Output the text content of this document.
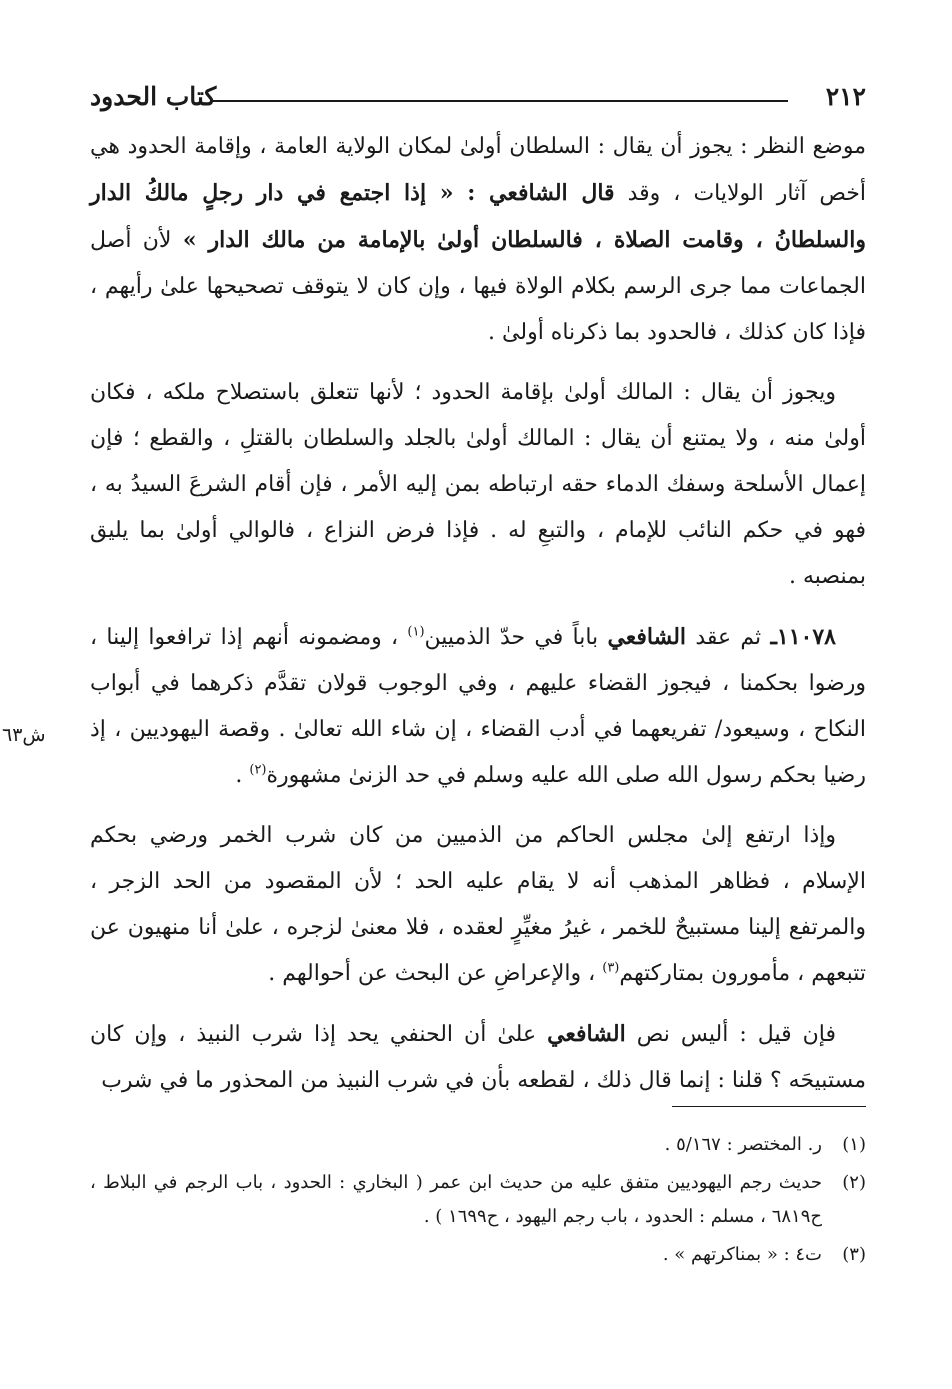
٢١٢
كتاب الحدود
ش٦٣

موضع النظر : يجوز أن يقال : السلطان أولىٰ لمكان الولاية العامة ، وإقامة الحدود هي أخص آثار الولايات ، وقد قال الشافعي : « إذا اجتمع في دار رجلٍ مالكُ الدار والسلطانُ ، وقامت الصلاة ، فالسلطان أولىٰ بالإمامة من مالك الدار » لأن أصل الجماعات مما جرى الرسم بكلام الولاة فيها ، وإن كان لا يتوقف تصحيحها علىٰ رأيهم ، فإذا كان كذلك ، فالحدود بما ذكرناه أولىٰ .

ويجوز أن يقال : المالك أولىٰ بإقامة الحدود ؛ لأنها تتعلق باستصلاح ملكه ، فكان أولىٰ منه ، ولا يمتنع أن يقال : المالك أولىٰ بالجلد والسلطان بالقتلِ ، والقطع ؛ فإن إعمال الأسلحة وسفك الدماء حقه ارتباطه بمن إليه الأمر ، فإن أقام الشرعَ السيدُ به ، فهو في حكم النائب للإمام ، والتبعِ له . فإذا فرض النزاع ، فالوالي أولىٰ بما يليق بمنصبه .

١١٠٧٨ـ ثم عقد الشافعي باباً في حدّ الذميين$^{(١)}$ ، ومضمونه أنهم إذا ترافعوا إلينا ، ورضوا بحكمنا ، فيجوز القضاء عليهم ، وفي الوجوب قولان تقدَّم ذكرهما في أبواب النكاح ، وسيعود/ تفريعهما في أدب القضاء ، إن شاء الله تعالىٰ . وقصة اليهوديين ، إذ رضيا بحكم رسول الله صلى الله عليه وسلم في حد الزنىٰ مشهورة$^{(٢)}$ .

وإذا ارتفع إلىٰ مجلس الحاكم من الذميين من كان شرب الخمر ورضي بحكم الإسلام ، فظاهر المذهب أنه لا يقام عليه الحد ؛ لأن المقصود من الحد الزجر ، والمرتفع إلينا مستبيحٌ للخمر ، غيرُ مغيِّرٍ لعقده ، فلا معنىٰ لزجره ، علىٰ أنا منهيون عن تتبعهم ، مأمورون بمتاركتهم$^{(٣)}$ ، والإعراضِ عن البحث عن أحوالهم .

فإن قيل : أليس نص الشافعي علىٰ أن الحنفي يحد إذا شرب النبيذ ، وإن كان مستبيحَه ؟ قلنا : إنما قال ذلك ، لقطعه بأن في شرب النبيذ من المحذور ما في شرب

(١)
ر. المختصر : ٥/١٦٧ .
(٢)
حديث رجم اليهوديين متفق عليه من حديث ابن عمر ( البخاري : الحدود ، باب الرجم في البلاط ، ح٦٨١٩ ، مسلم : الحدود ، باب رجم اليهود ، ح١٦٩٩ ) .
(٣)
ت٤ : « بمناكرتهم » .
